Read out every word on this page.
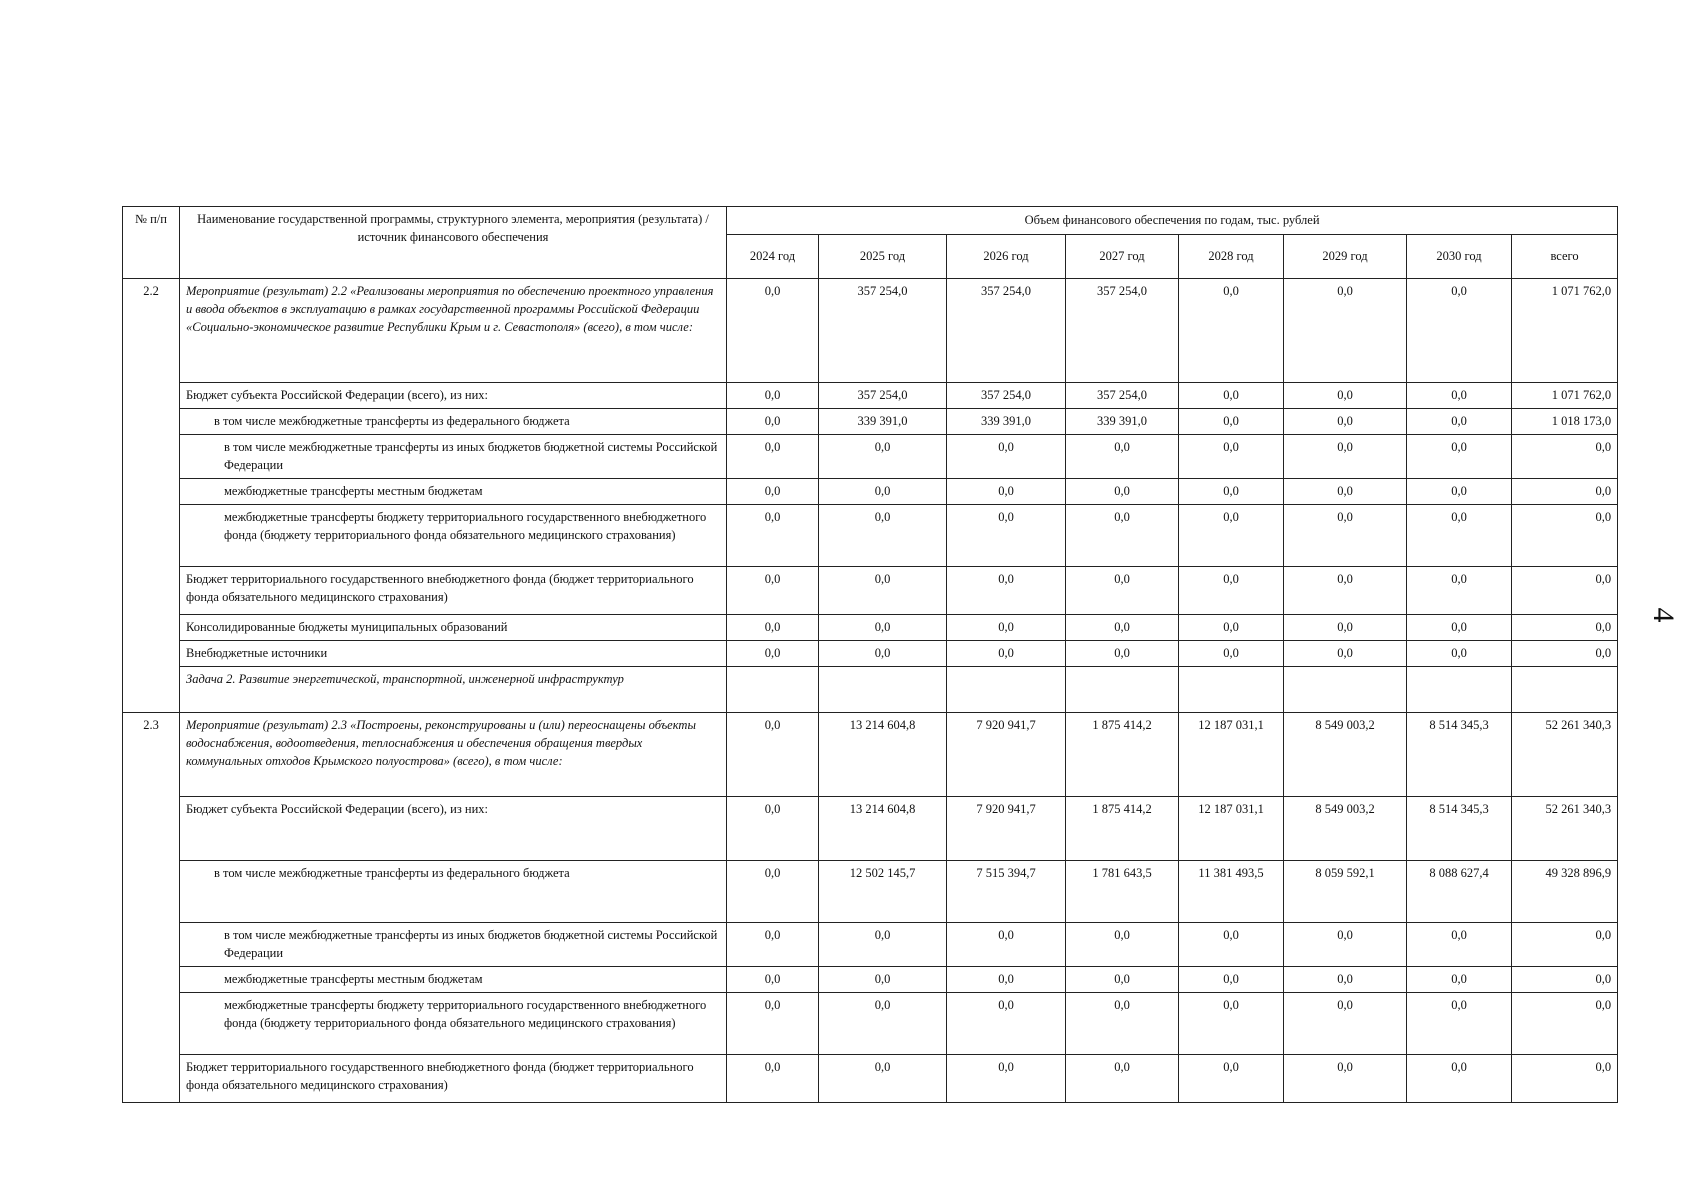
4
№ п/п	Наименование государственной программы, структурного элемента, мероприятия (результата) / источник финансового обеспечения	Объем финансового обеспечения по годам, тыс. рублей							
		2024 год	2025 год	2026 год	2027 год	2028 год	2029 год	2030 год	всего
2.2	Мероприятие (результат) 2.2 «Реализованы мероприятия по обеспечению проектного управления и ввода объектов в эксплуатацию в рамках государственной программы Российской Федерации «Социально-экономическое развитие Республики Крым и г. Севастополя» (всего), в том числе:	0,0	357 254,0	357 254,0	357 254,0	0,0	0,0	0,0	1 071 762,0
	Бюджет субъекта Российской Федерации (всего), из них:	0,0	357 254,0	357 254,0	357 254,0	0,0	0,0	0,0	1 071 762,0
	в том числе межбюджетные трансферты из федерального бюджета	0,0	339 391,0	339 391,0	339 391,0	0,0	0,0	0,0	1 018 173,0
	в том числе межбюджетные трансферты из иных бюджетов бюджетной системы Российской Федерации	0,0	0,0	0,0	0,0	0,0	0,0	0,0	0,0
	межбюджетные трансферты местным бюджетам	0,0	0,0	0,0	0,0	0,0	0,0	0,0	0,0
	межбюджетные трансферты бюджету территориального государственного внебюджетного фонда (бюджету территориального фонда обязательного медицинского страхования)	0,0	0,0	0,0	0,0	0,0	0,0	0,0	0,0
	Бюджет территориального государственного внебюджетного фонда (бюджет территориального фонда обязательного медицинского страхования)	0,0	0,0	0,0	0,0	0,0	0,0	0,0	0,0
	Консолидированные бюджеты муниципальных образований	0,0	0,0	0,0	0,0	0,0	0,0	0,0	0,0
	Внебюджетные источники	0,0	0,0	0,0	0,0	0,0	0,0	0,0	0,0
	Задача 2. Развитие энергетической, транспортной, инженерной инфраструктур								
2.3	Мероприятие (результат) 2.3 «Построены, реконструированы и (или) переоснащены объекты водоснабжения, водоотведения, теплоснабжения и обеспечения обращения твердых коммунальных отходов Крымского полуострова» (всего), в том числе:	0,0	13 214 604,8	7 920 941,7	1 875 414,2	12 187 031,1	8 549 003,2	8 514 345,3	52 261 340,3
	Бюджет субъекта Российской Федерации (всего), из них:	0,0	13 214 604,8	7 920 941,7	1 875 414,2	12 187 031,1	8 549 003,2	8 514 345,3	52 261 340,3
	в том числе межбюджетные трансферты из федерального бюджета	0,0	12 502 145,7	7 515 394,7	1 781 643,5	11 381 493,5	8 059 592,1	8 088 627,4	49 328 896,9
	в том числе межбюджетные трансферты из иных бюджетов бюджетной системы Российской Федерации	0,0	0,0	0,0	0,0	0,0	0,0	0,0	0,0
	межбюджетные трансферты местным бюджетам	0,0	0,0	0,0	0,0	0,0	0,0	0,0	0,0
	межбюджетные трансферты бюджету территориального государственного внебюджетного фонда (бюджету территориального фонда обязательного медицинского страхования)	0,0	0,0	0,0	0,0	0,0	0,0	0,0	0,0
	Бюджет территориального государственного внебюджетного фонда (бюджет территориального фонда обязательного медицинского страхования)	0,0	0,0	0,0	0,0	0,0	0,0	0,0	0,0
